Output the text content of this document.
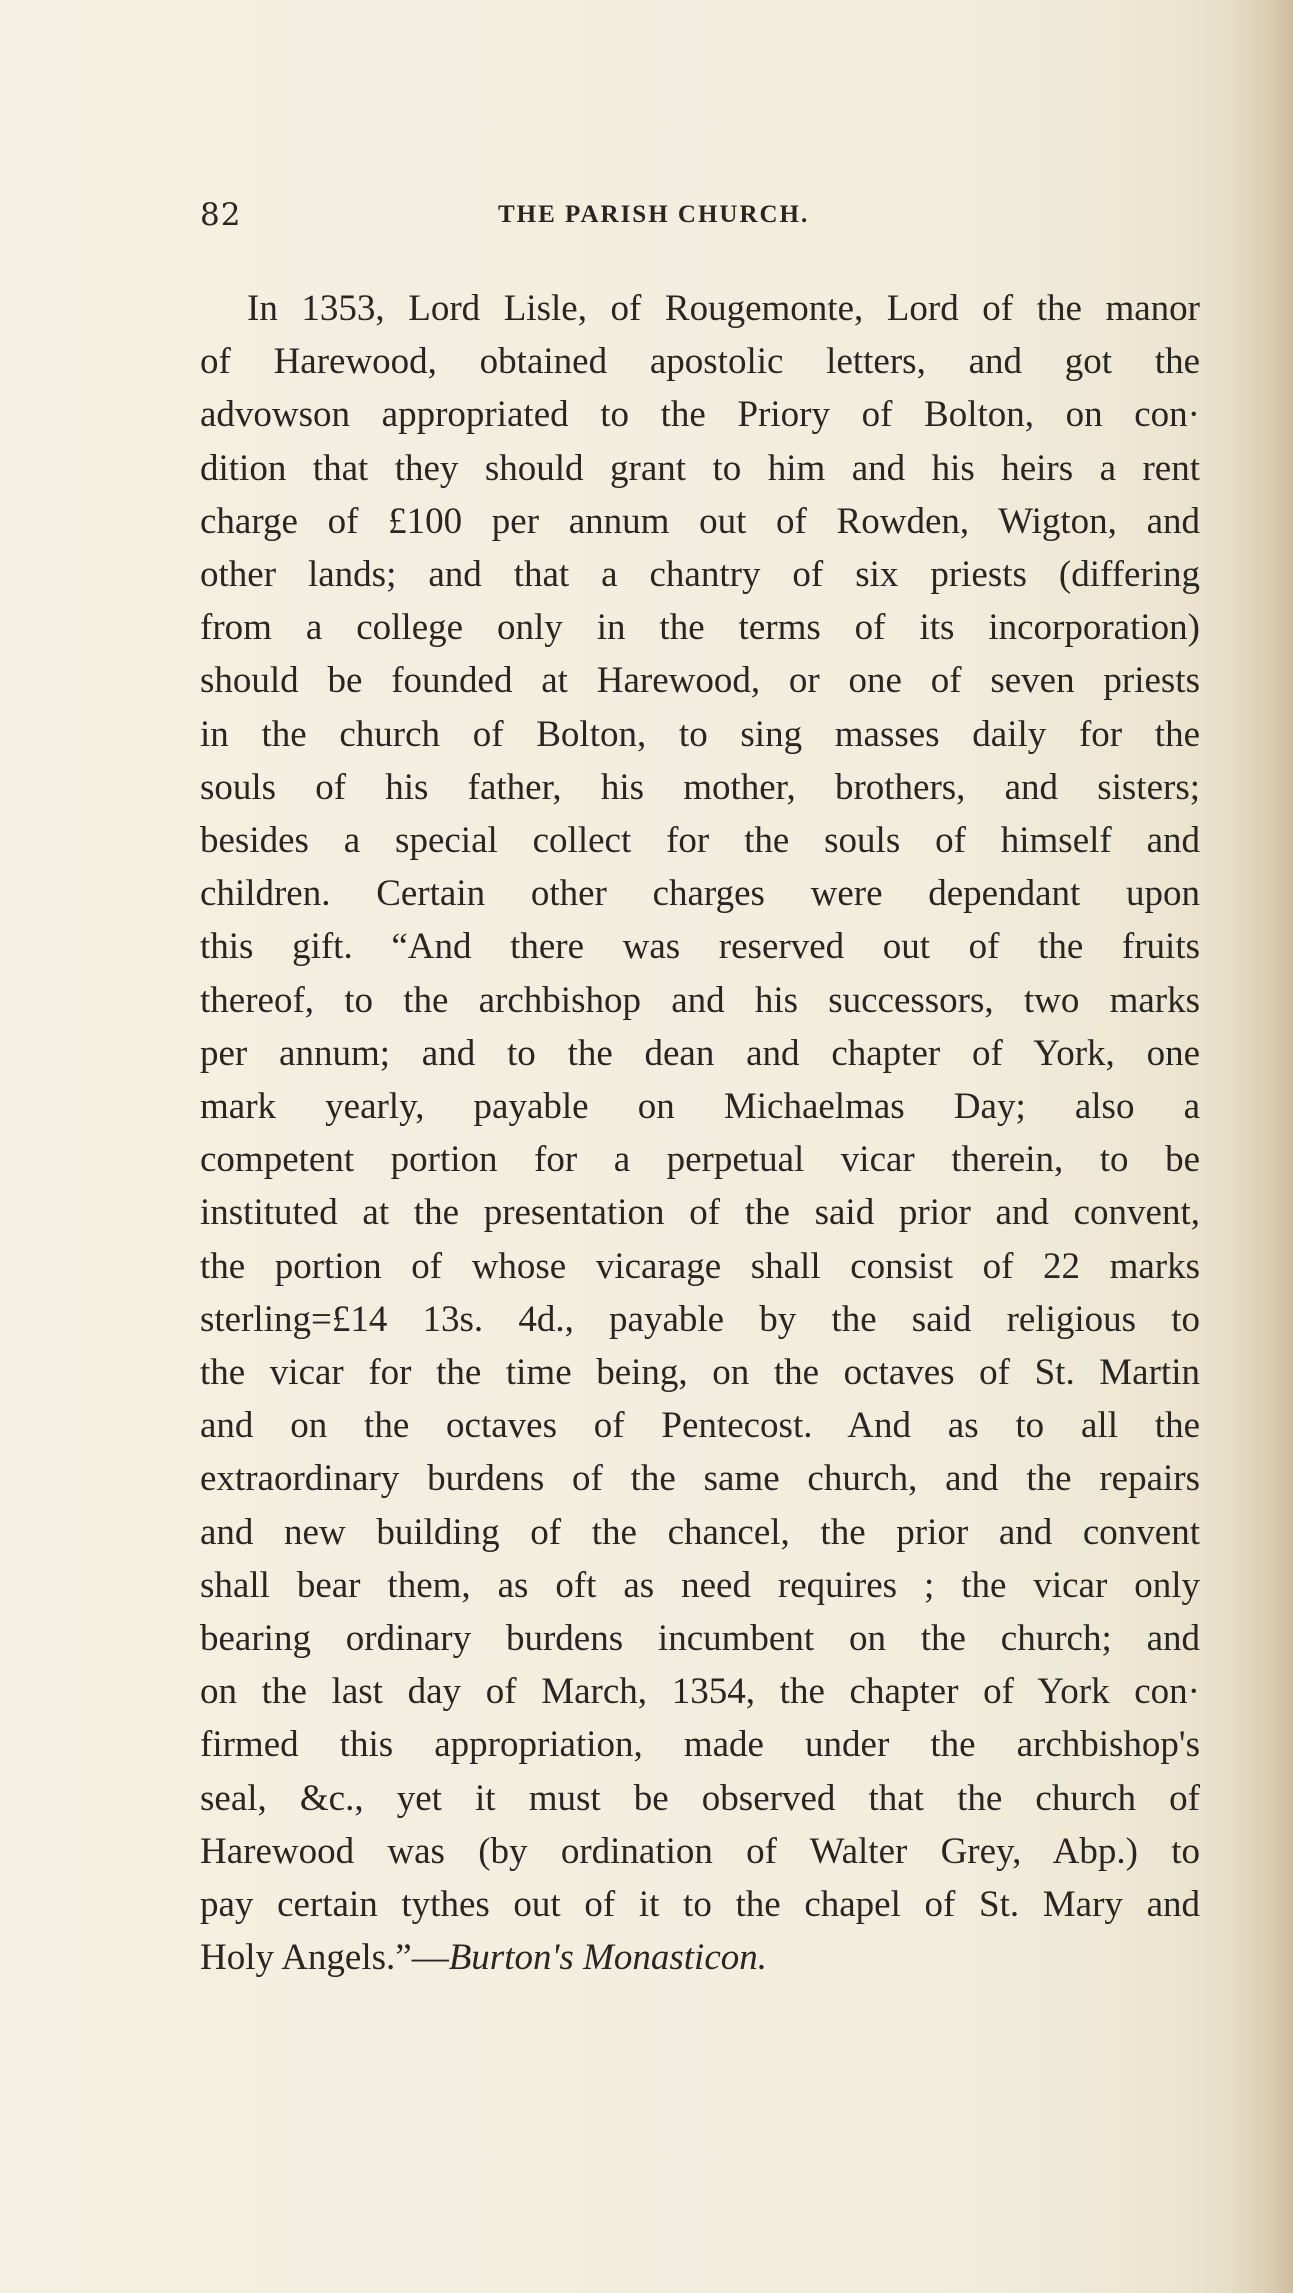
82	THE PARISH CHURCH.
In 1353, Lord Lisle, of Rougemonte, Lord of the manor
of Harewood, obtained apostolic letters, and got the
advowson appropriated to the Priory of Bolton, on con·
dition that they should grant to him and his heirs a rent
charge of £100 per annum out of Rowden, Wigton, and
other lands; and that a chantry of six priests (differing
from a college only in the terms of its incorporation)
should be founded at Harewood, or one of seven priests
in the church of Bolton, to sing masses daily for the
souls of his father, his mother, brothers, and sisters;
besides a special collect for the souls of himself and
children. Certain other charges were dependant upon
this gift. “And there was reserved out of the fruits
thereof, to the archbishop and his successors, two marks
per annum; and to the dean and chapter of York, one
mark yearly, payable on Michaelmas Day; also a
competent portion for a perpetual vicar therein, to be
instituted at the presentation of the said prior and convent,
the portion of whose vicarage shall consist of 22 marks
sterling=£14 13s. 4d., payable by the said religious to
the vicar for the time being, on the octaves of St. Martin
and on the octaves of Pentecost. And as to all the
extraordinary burdens of the same church, and the repairs
and new building of the chancel, the prior and convent
shall bear them, as oft as need requires ; the vicar only
bearing ordinary burdens incumbent on the church; and
on the last day of March, 1354, the chapter of York con·
firmed this appropriation, made under the archbishop's
seal, &c., yet it must be observed that the church of
Harewood was (by ordination of Walter Grey, Abp.) to
pay certain tythes out of it to the chapel of St. Mary and
Holy Angels.”—Burton's Monasticon.
